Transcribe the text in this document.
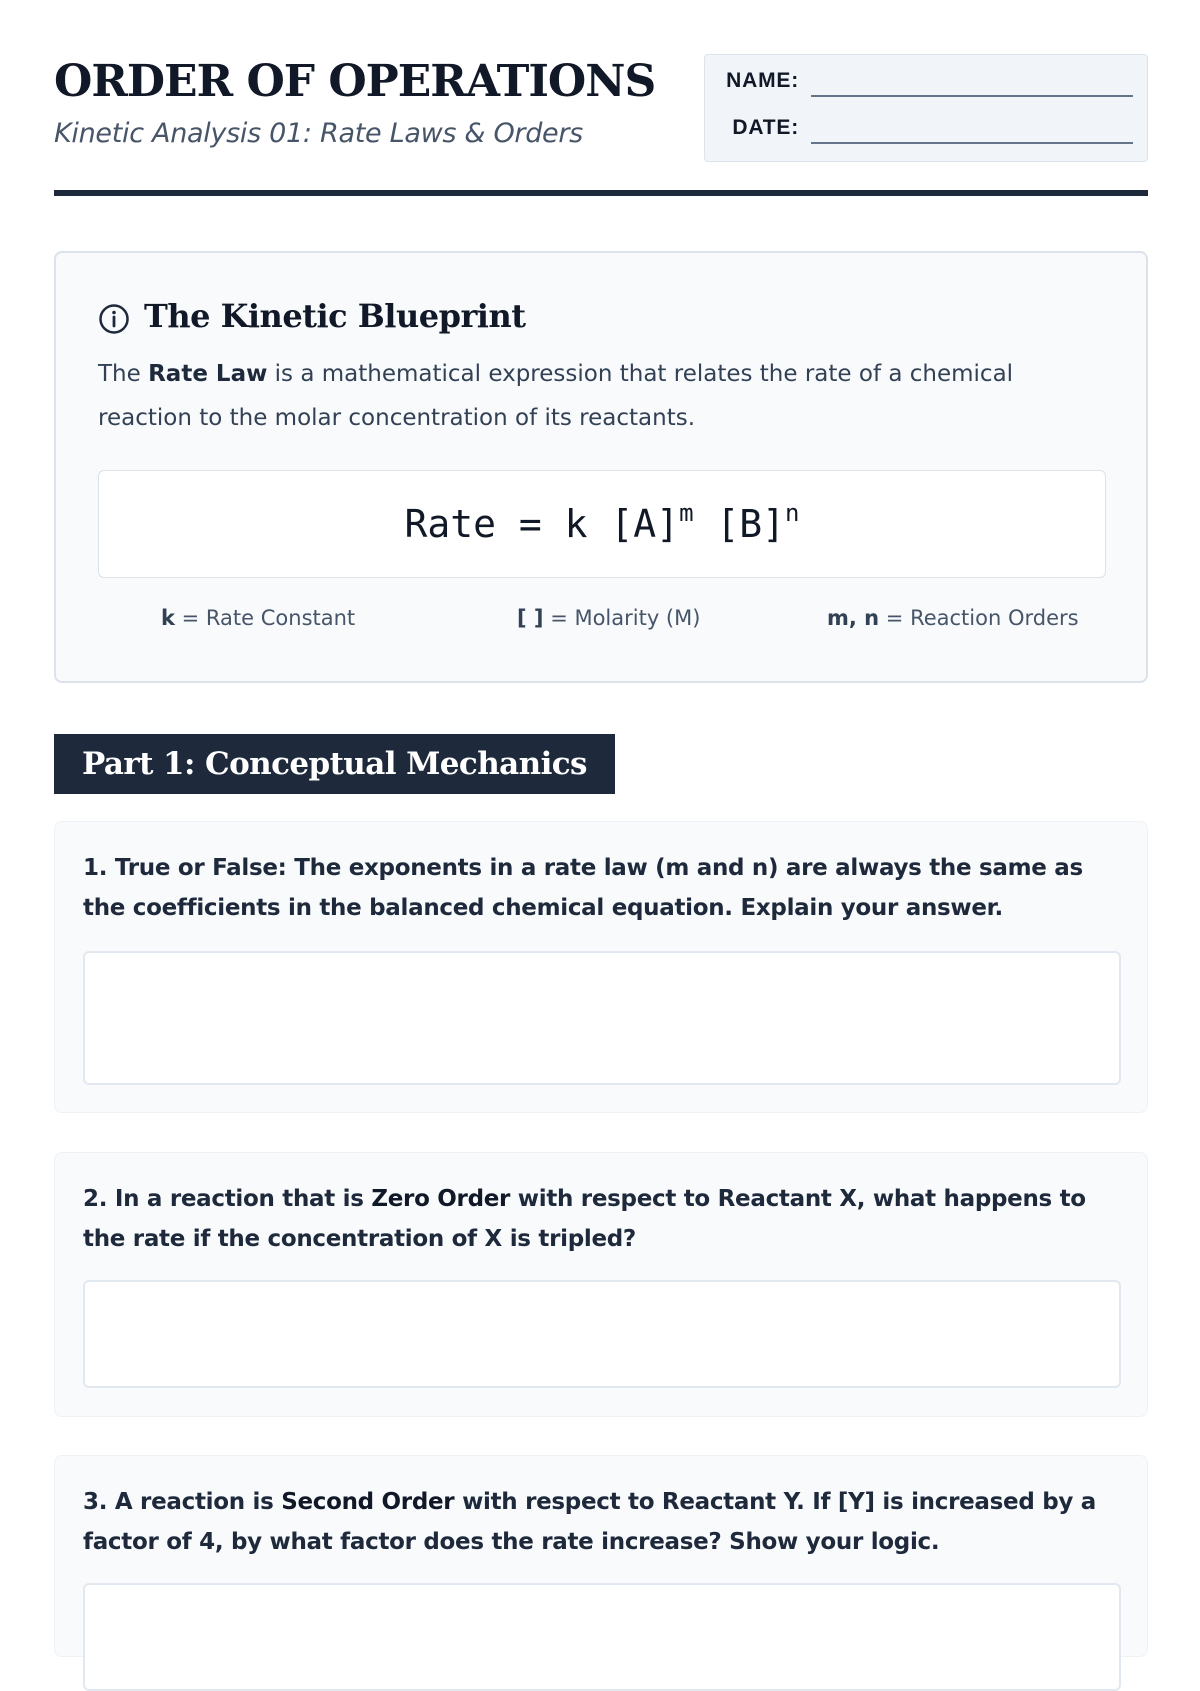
ORDER OF OPERATIONS
Kinetic Analysis 01: Rate Laws & Orders
NAME:
DATE:
The Kinetic Blueprint

The Rate Law is a mathematical expression that relates the rate of a chemical reaction to the molar concentration of its reactants.

Rate = k $[A]^m$ $[B]^n$
k = Rate Constant	[ ] = Molarity (M)	m, n = Reaction Orders
Part 1: Conceptual Mechanics
1. True or False: The exponents in a rate law (m and n) are always the same as the coefficients in the balanced chemical equation. Explain your answer.
2. In a reaction that is Zero Order with respect to Reactant X, what happens to the rate if the concentration of X is tripled?
3. A reaction is Second Order with respect to Reactant Y. If [Y] is increased by a factor of 4, by what factor does the rate increase? Show your logic.
